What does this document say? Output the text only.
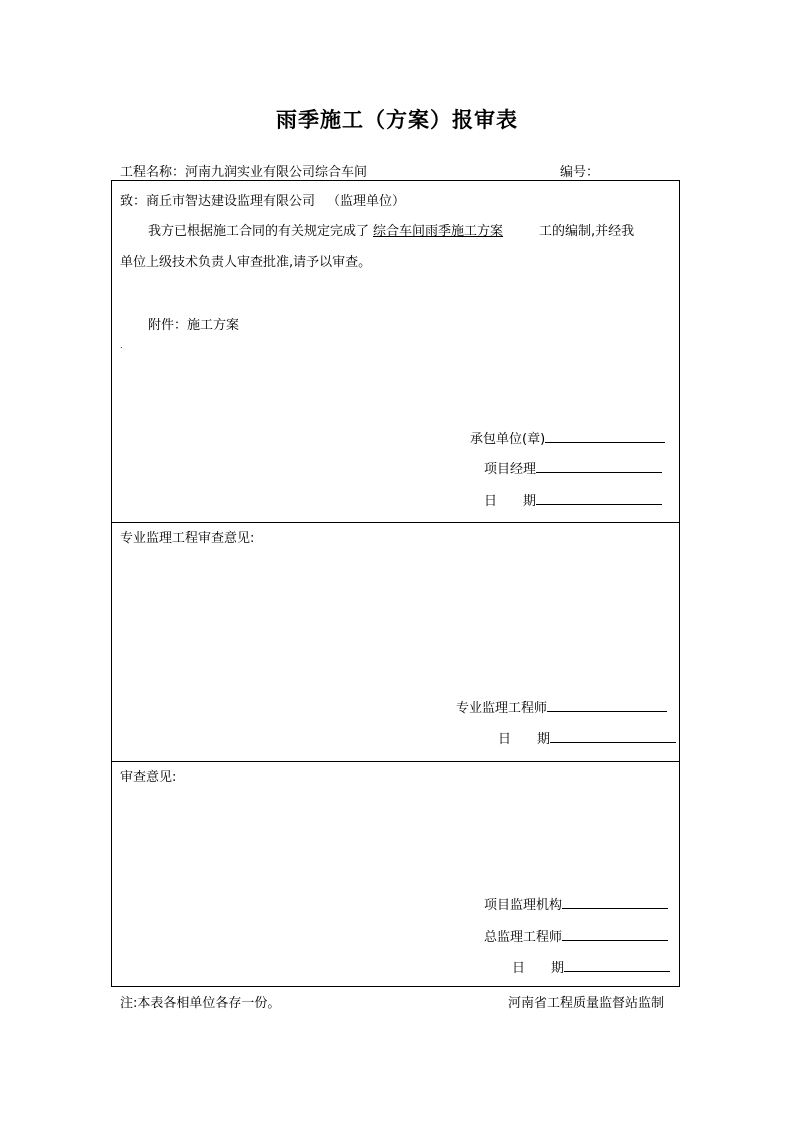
雨季施工（方案）报审表
工程名称：河南九润实业有限公司综合车间	编号：
致：商丘市智达建设监理有限公司 （监理单位）
我方已根据施工合同的有关规定完成了 综合车间雨季施工方案	工的编制,并经我
单位上级技术负责人审查批准,请予以审查。
附件：施工方案
.
承包单位(章)
项目经理
日　　期
专业监理工程审查意见:
专业监理工程师
日　　期
审查意见:
项目监理机构
总监理工程师
日　　期
注:本表各相单位各存一份。	河南省工程质量监督站监制
